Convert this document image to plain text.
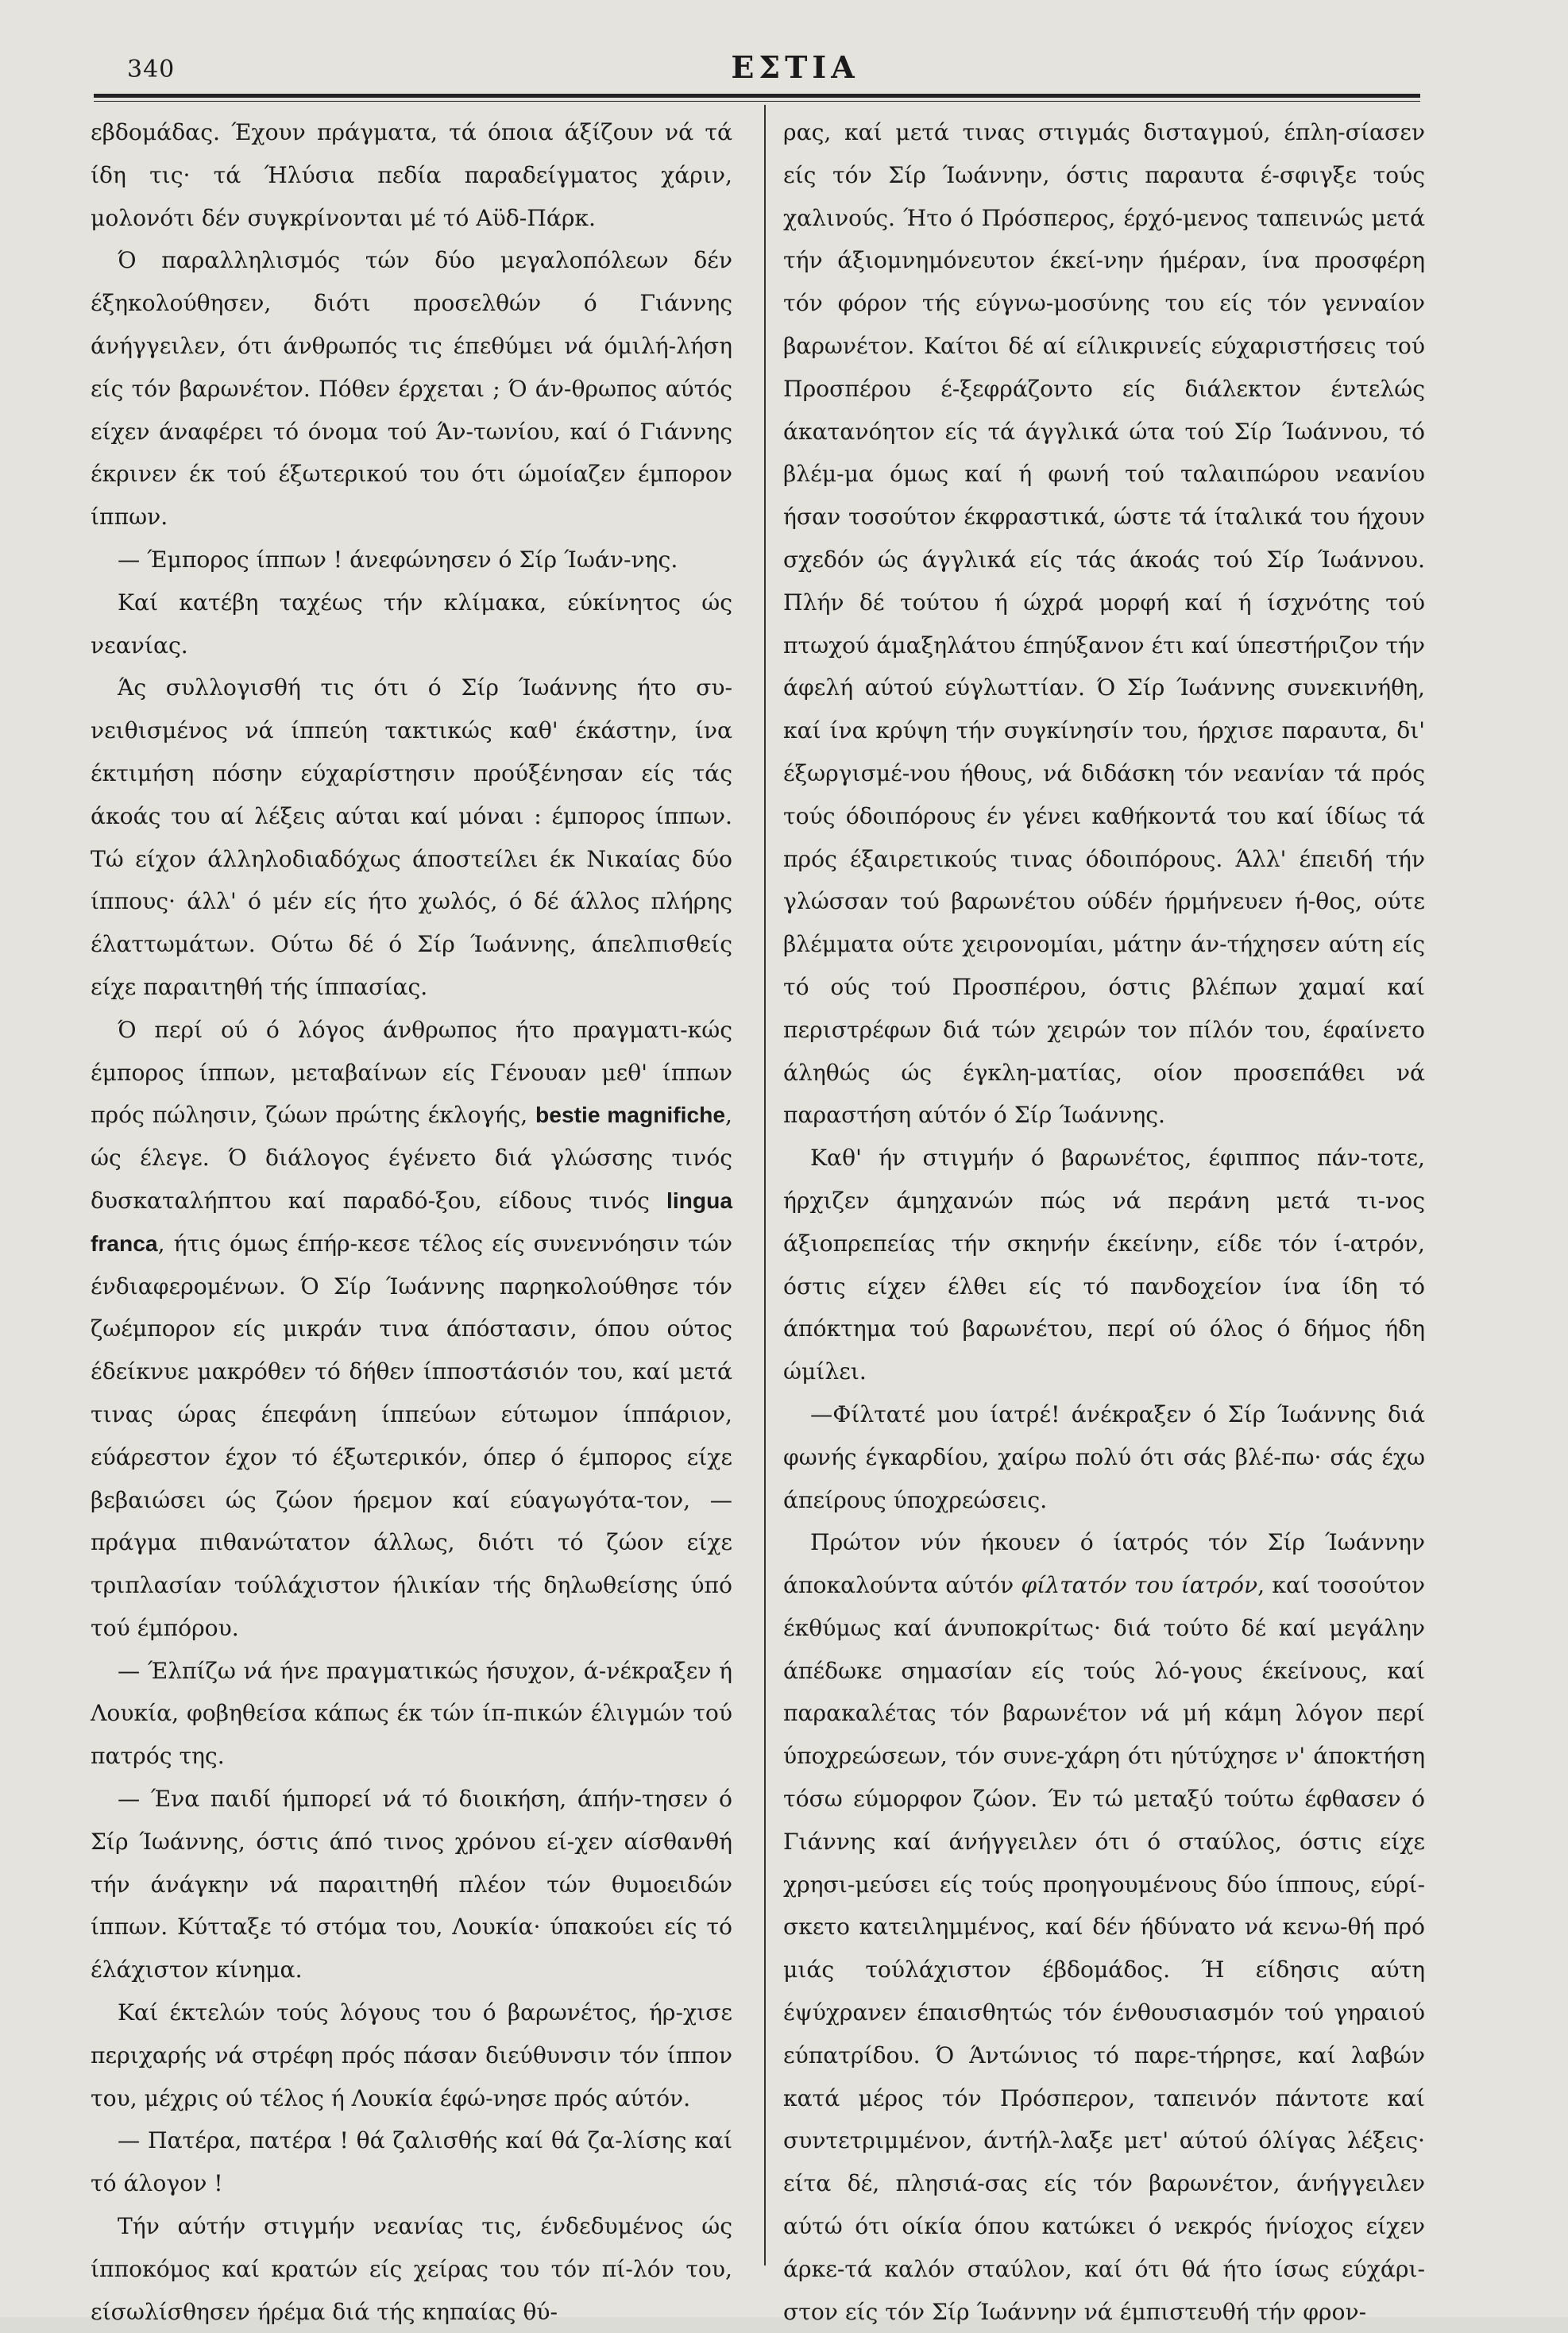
340	ΕΣΤΙΑ

εβδομάδας. Έχουν πράγματα, τά όποια άξίζουν νά τά ίδη τις· τά Ήλύσια πεδία παραδείγματος χάριν, μολονότι δέν συγκρίνονται μέ τό Αϋδ-Πάρκ.

Ό παραλληλισμός τών δύο μεγαλοπόλεων δέν έξηκολούθησεν, διότι προσελθών ό Γιάννης άνήγγειλεν, ότι άνθρωπός τις έπεθύμει νά όμιλή-λήση είς τόν βαρωνέτον. Πόθεν έρχεται ; Ό άν-θρωπος αύτός είχεν άναφέρει τό όνομα τού Άν-τωνίου, καί ό Γιάννης έκρινεν έκ τού έξωτερικού του ότι ώμοίαζεν έμπορον ίππων.

— Έμπορος ίππων ! άνεφώνησεν ό Σίρ Ίωάν-νης.

Καί κατέβη ταχέως τήν κλίμακα, εύκίνητος ώς νεανίας.

Άς συλλογισθή τις ότι ό Σίρ Ίωάννης ήτο συ-νειθισμένος νά ίππεύη τακτικώς καθ' έκάστην, ίνα έκτιμήση πόσην εύχαρίστησιν προύξένησαν είς τάς άκοάς του αί λέξεις αύται καί μόναι : έμπορος ίππων. Τώ είχον άλληλοδιαδόχως άποστείλει έκ Νικαίας δύο ίππους· άλλ' ό μέν είς ήτο χωλός, ό δέ άλλος πλήρης έλαττωμάτων. Ούτω δέ ό Σίρ Ίωάννης, άπελπισθείς είχε παραιτηθή τής ίππασίας.

Ό περί ού ό λόγος άνθρωπος ήτο πραγματι-κώς έμπορος ίππων, μεταβαίνων είς Γένουαν μεθ' ίππων πρός πώλησιν, ζώων πρώτης έκλογής, bestie magnifiche, ώς έλεγε. Ό διάλογος έγένετο διά γλώσσης τινός δυσκαταλήπτου καί παραδό-ξου, είδους τινός lingua franca, ήτις όμως έπήρ-κεσε τέλος είς συνεννόησιν τών ένδιαφερομένων. Ό Σίρ Ίωάννης παρηκολούθησε τόν ζωέμπορον είς μικράν τινα άπόστασιν, όπου ούτος έδείκνυε μακρόθεν τό δήθεν ίπποστάσιόν του, καί μετά τινας ώρας έπεφάνη ίππεύων εύτωμον ίππάριον, εύάρεστον έχον τό έξωτερικόν, όπερ ό έμπορος είχε βεβαιώσει ώς ζώον ήρεμον καί εύαγωγότα-τον, — πράγμα πιθανώτατον άλλως, διότι τό ζώον είχε τριπλασίαν τούλάχιστον ήλικίαν τής δηλωθείσης ύπό τού έμπόρου.

— Έλπίζω νά ήνε πραγματικώς ήσυχον, ά-νέκραξεν ή Λουκία, φοβηθείσα κάπως έκ τών ίπ-πικών έλιγμών τού πατρός της.

— Ένα παιδί ήμπορεί νά τό διοικήση, άπήν-τησεν ό Σίρ Ίωάννης, όστις άπό τινος χρόνου εί-χεν αίσθανθή τήν άνάγκην νά παραιτηθή πλέον τών θυμοειδών ίππων. Κύτταξε τό στόμα του, Λουκία· ύπακούει είς τό έλάχιστον κίνημα.

Καί έκτελών τούς λόγους του ό βαρωνέτος, ήρ-χισε περιχαρής νά στρέφη πρός πάσαν διεύθυνσιν τόν ίππον του, μέχρις ού τέλος ή Λουκία έφώ-νησε πρός αύτόν.

— Πατέρα, πατέρα ! θά ζαλισθής καί θά ζα-λίσης καί τό άλογον !

Τήν αύτήν στιγμήν νεανίας τις, ένδεδυμένος ώς ίπποκόμος καί κρατών είς χείρας του τόν πί-λόν του, είσωλίσθησεν ήρέμα διά τής κηπαίας θύ-

ρας, καί μετά τινας στιγμάς δισταγμού, έπλη-σίασεν είς τόν Σίρ Ίωάννην, όστις παραυτα έ-σφιγξε τούς χαλινούς. Ήτο ό Πρόσπερος, έρχό-μενος ταπεινώς μετά τήν άξιομνημόνευτον έκεί-νην ήμέραν, ίνα προσφέρη τόν φόρον τής εύγνω-μοσύνης του είς τόν γενναίον βαρωνέτον. Καίτοι δέ αί είλικρινείς εύχαριστήσεις τού Προσπέρου έ-ξεφράζοντο είς διάλεκτον έντελώς άκατανόητον είς τά άγγλικά ώτα τού Σίρ Ίωάννου, τό βλέμ-μα όμως καί ή φωνή τού ταλαιπώρου νεανίου ήσαν τοσούτον έκφραστικά, ώστε τά ίταλικά του ήχουν σχεδόν ώς άγγλικά είς τάς άκοάς τού Σίρ Ίωάννου. Πλήν δέ τούτου ή ώχρά μορφή καί ή ίσχνότης τού πτωχού άμαξηλάτου έπηύξανον έτι καί ύπεστήριζον τήν άφελή αύτού εύγλωττίαν. Ό Σίρ Ίωάννης συνεκινήθη, καί ίνα κρύψη τήν συγκίνησίν του, ήρχισε παραυτα, δι' έξωργισμέ-νου ήθους, νά διδάσκη τόν νεανίαν τά πρός τούς όδοιπόρους έν γένει καθήκοντά του καί ίδίως τά πρός έξαιρετικούς τινας όδοιπόρους. Άλλ' έπειδή τήν γλώσσαν τού βαρωνέτου ούδέν ήρμήνευεν ή-θος, ούτε βλέμματα ούτε χειρονομίαι, μάτην άν-τήχησεν αύτη είς τό ούς τού Προσπέρου, όστις βλέπων χαμαί καί περιστρέφων διά τών χειρών τον πίλόν του, έφαίνετο άληθώς ώς έγκλη-ματίας, οίον προσεπάθει νά παραστήση αύτόν ό Σίρ Ίωάννης.

Καθ' ήν στιγμήν ό βαρωνέτος, έφιππος πάν-τοτε, ήρχιζεν άμηχανών πώς νά περάνη μετά τι-νος άξιοπρεπείας τήν σκηνήν έκείνην, είδε τόν ί-ατρόν, όστις είχεν έλθει είς τό πανδοχείον ίνα ίδη τό άπόκτημα τού βαρωνέτου, περί ού όλος ό δήμος ήδη ώμίλει.

—Φίλτατέ μου ίατρέ! άνέκραξεν ό Σίρ Ίωάννης διά φωνής έγκαρδίου, χαίρω πολύ ότι σάς βλέ-πω· σάς έχω άπείρους ύποχρεώσεις.

Πρώτον νύν ήκουεν ό ίατρός τόν Σίρ Ίωάννην άποκαλούντα αύτόν φίλτατόν του ίατρόν, καί τοσούτον έκθύμως καί άνυποκρίτως· διά τούτο δέ καί μεγάλην άπέδωκε σημασίαν είς τούς λό-γους έκείνους, καί παρακαλέτας τόν βαρωνέτον νά μή κάμη λόγον περί ύποχρεώσεων, τόν συνε-χάρη ότι ηύτύχησε ν' άποκτήση τόσω εύμορφον ζώον. Έν τώ μεταξύ τούτω έφθασεν ό Γιάννης καί άνήγγειλεν ότι ό σταύλος, όστις είχε χρησι-μεύσει είς τούς προηγουμένους δύο ίππους, εύρί-σκετο κατειλημμένος, καί δέν ήδύνατο νά κενω-θή πρό μιάς τούλάχιστον έβδομάδος. Ή είδησις αύτη έψύχρανεν έπαισθητώς τόν ένθουσιασμόν τού γηραιού εύπατρίδου. Ό Άντώνιος τό παρε-τήρησε, καί λαβών κατά μέρος τόν Πρόσπερον, ταπεινόν πάντοτε καί συντετριμμένον, άντήλ-λαξε μετ' αύτού όλίγας λέξεις· είτα δέ, πλησιά-σας είς τόν βαρωνέτον, άνήγγειλεν αύτώ ότι οίκία όπου κατώκει ό νεκρός ήνίοχος είχεν άρκε-τά καλόν σταύλον, καί ότι θά ήτο ίσως εύχάρι-στον είς τόν Σίρ Ίωάννην νά έμπιστευθή τήν φρον-
